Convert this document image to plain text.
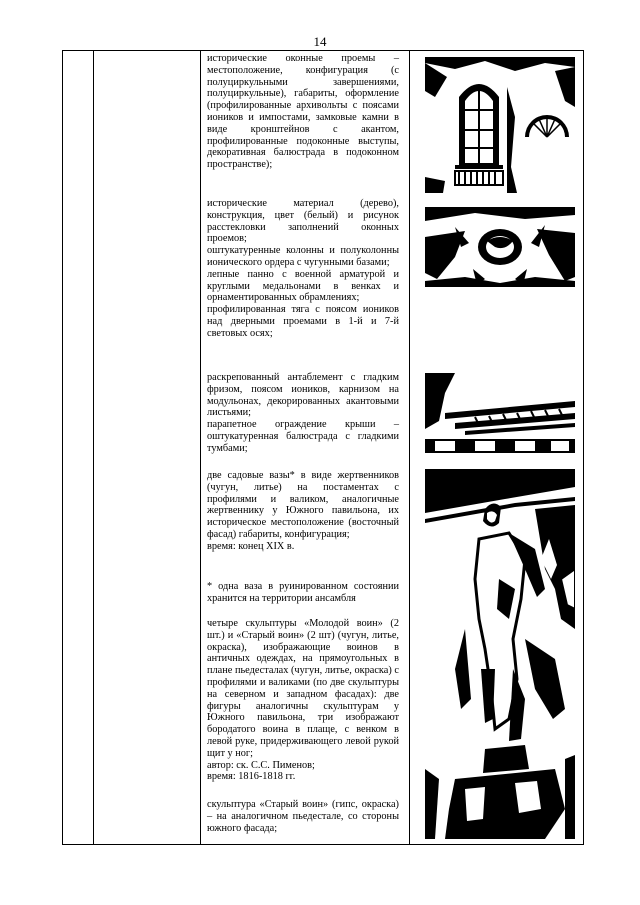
14

исторические оконные проемы – местоположение, конфигурация (с полуциркульными завершениями, полуциркульные), габариты, оформление (профилированные архивольты с поясами иоников и импостами, замковые камни в виде кронштейнов с акантом, профилированные подоконные выступы, декоративная балюстрада в подоконном пространстве);

исторические материал (дерево), конструкция, цвет (белый) и рисунок расстекловки заполнений оконных проемов;
оштукатуренные колонны и полуколонны ионического ордера с чугунными базами;
лепные панно с военной арматурой и круглыми медальонами в венках и орнаментированных обрамлениях;
профилированная тяга с поясом иоников над дверными проемами в 1-й и 7-й световых осях;

раскрепованный антаблемент с гладким фризом, поясом иоников, карнизом на модульонах, декорированных акантовыми листьями;
парапетное ограждение крыши – оштукатуренная балюстрада с гладкими тумбами;

две садовые вазы* в виде жертвенников (чугун, литье) на постаментах с профилями и валиком, аналогичные жертвеннику у Южного павильона, их историческое местоположение (восточный фасад) габариты, конфигурация;
время: конец XIX в.

* одна ваза в руинированном состоянии хранится на территории ансамбля

четыре скульптуры «Молодой воин» (2 шт.) и «Старый воин» (2 шт) (чугун, литье, окраска), изображающие воинов в античных одеждах, на прямоугольных в плане пьедесталах (чугун, литье, окраска) с профилями и валиками (по две скульптуры на северном и западном фасадах): две фигуры аналогичны скульптурам у Южного павильона, три изображают бородатого воина в плаще, с венком в левой руке, придерживающего левой рукой щит у ног;
автор: ск. С.С. Пименов;
время: 1816-1818 гг.

скульптура «Старый воин» (гипс, окраска) – на аналогичном пьедестале, со стороны южного фасада;
